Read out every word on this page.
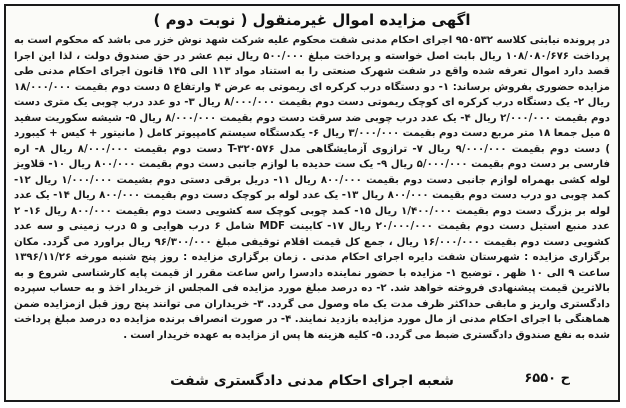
اگهی مزایده اموال غیرمنقول ( نوبت دوم )

در پرونده نیابتی کلاسه ۹۵۰۵۳۲ اجرای احکام مدنی شفت محکوم علیه شرکت شهد نوش خزر می باشد که محکوم است به پرداخت ۱۰۸/۰۸۰/۶۷۶ ریال بابت اصل خواسته و پرداخت مبلغ ۵۰۰/۰۰۰ ریال نیم عشر در حق صندوق دولت ، لذا این اجرا قصد دارد اموال تعرفه شده واقع در شفت شهرک صنعتی را به استناد مواد ۱۱۳ الی ۱۴۵ قانون اجرای احکام مدنی طی مزایده حضوری بفروش برساند: ۱- دو دستگاه درب کرکره ای ریموتی به عرض ۴ وارتفاع ۵ دست دوم بقیمت ۱۸/۰۰۰/۰۰۰ ریال ۲- یک دستگاه درب کرکره ای کوچک ریموتی دست دوم بقیمت ۸/۰۰۰/۰۰۰ ریال ۳- دو عدد درب چوبی یک متری دست دوم بقیمت ۲/۰۰۰/۰۰۰ ریال ۴- یک عدد درب چوبی ضد سرقت دست دوم بقیمت ۸/۰۰۰/۰۰۰ ریال ۵- شیشه سکوریت سفید ۵ میل جمعا ۱۸ متر مربع دست دوم بقیمت ۳/۰۰۰/۰۰۰ ریال ۶- یکدستگاه سیستم کامپیوتر کامل ( مانیتور + کیس + کیبورد ) دست دوم بقیمت ۹/۰۰۰/۰۰۰ ریال ۷- ترازوی آزمایشگاهی مدل T-۳۲۰۵۷۶ دست دوم بقیمت ۸/۰۰۰/۰۰۰ ریال ۸- اره فارسی بر دست دوم بقیمت ۵/۰۰۰/۰۰۰ ریال ۹- یک ست حدیده با لوازم جانبی دست دوم بقیمت ۸۰۰/۰۰۰ ریال ۱۰- قلاویز لوله کشی بهمراه لوازم جانبی دست دوم بقیمت ۸۰۰/۰۰۰ ریال ۱۱- دریل برقی دستی دوم بشیمت ۱/۰۰۰/۰۰۰ ریال ۱۲- کمد چوبی دو درب دست دوم بقیمت ۸۰۰/۰۰۰ ریال ۱۳- یک عدد لوله بر کوچک دست دوم بقیمت ۸۰۰/۰۰۰ ریال ۱۴- یک عدد لوله بر بزرگ دست دوم بقیمت ۱/۴۰۰/۰۰۰ ریال ۱۵- کمد چوبی کوچک سه کشویی دست دوم بقیمت ۸۰۰/۰۰۰ ریال ۱۶- ۲ عدد منبع استیل دست دوم بقیمت ۲۰/۰۰۰/۰۰۰ ریال ۱۷- کابینت MDF شامل ۶ درب هوایی و ۵ درب زمینی و سه عدد کشویی دست دوم بقیمت ۱۶/۰۰۰/۰۰۰ ریال ، جمع کل قیمت اقلام توقیفی مبلغ ۹۶/۳۰۰/۰۰۰ ریال براورد می گردد. مکان برگزاری مزایده : شهرستان شفت دایره اجرای احکام مدنی . زمان برگزاری مزایده : روز پنج شنبه مورخه ۱۳۹۶/۱۱/۲۶ ساعت ۹ الی ۱۰ ظهر . توضیح ۱- مزایده با حضور نماینده دادسرا راس ساعت مقرر از قیمت پایه کارشناسی شروع و به بالاترین قیمت پیشنهادی فروخته خواهد شد. ۲- ده درصد مبلغ مورد مزایده فی المجلس از خریدار اخذ و به حساب سپرده دادگستری واریز و مابقی حداکثر ظرف مدت یک ماه وصول می گردد. ۳- خریداران می توانند پنج روز قبل ازمزایده ضمن هماهنگی با اجرای احکام مدنی از مال مورد مزایده بازدید نمایند. ۴- در صورت انصراف برنده مزایده ده درصد مبلغ پرداخت شده به نفع صندوق دادگستری ضبط می گردد. ۵- کلیه هزینه ها پس از مزایده به عهده خریدار است .

ح ۶۵۵۰
شعبه اجرای احکام مدنی دادگستری شفت
